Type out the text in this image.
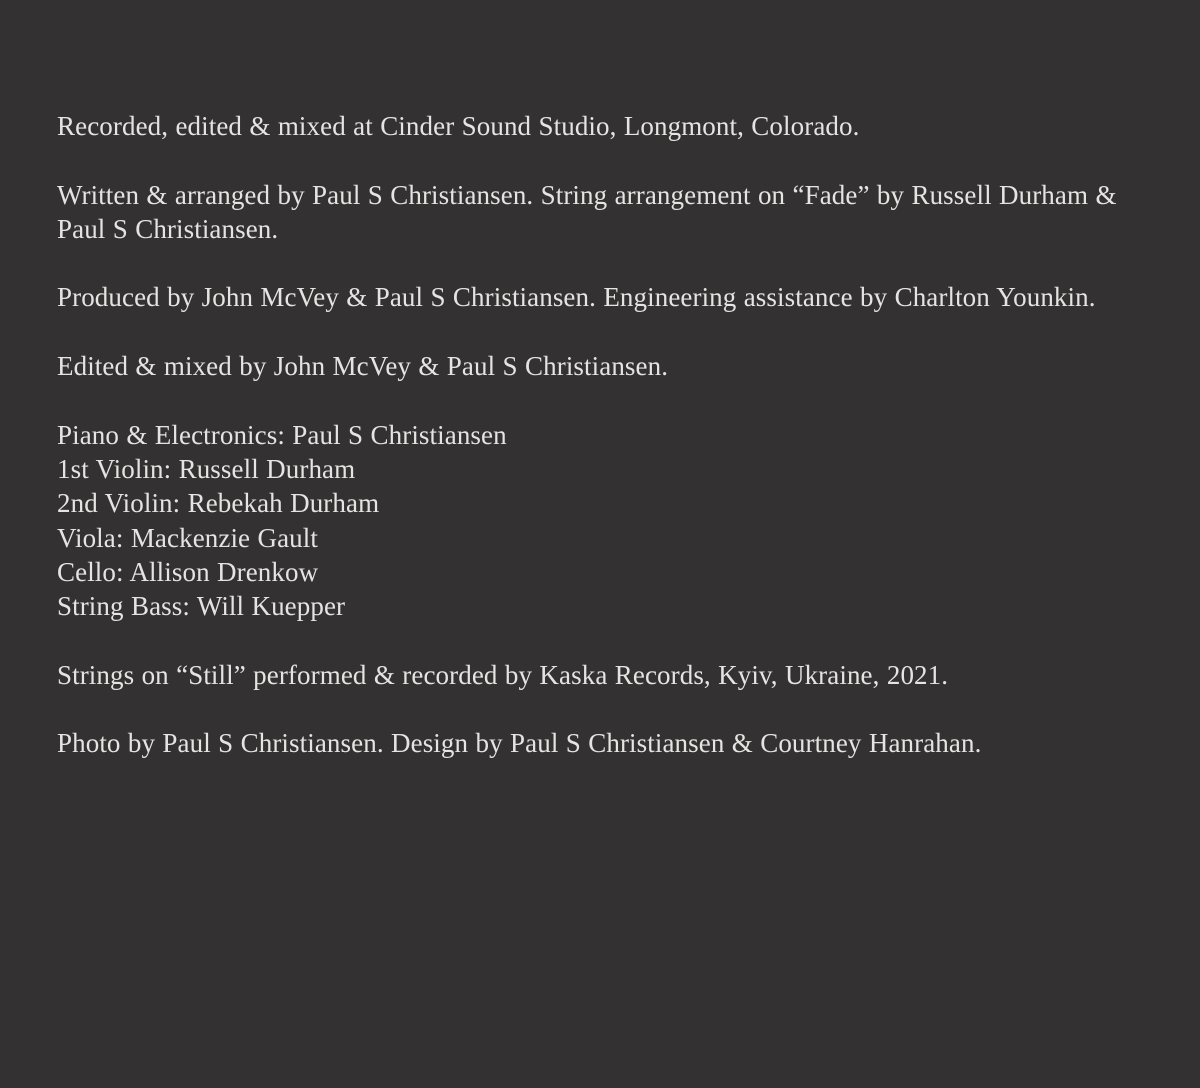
Recorded, edited & mixed at Cinder Sound Studio, Longmont, Colorado.

Written & arranged by Paul S Christiansen. String arrangement on “Fade” by Russell Durham & Paul S Christiansen.

Produced by John McVey & Paul S Christiansen. Engineering assistance by Charlton Younkin.

Edited & mixed by John McVey & Paul S Christiansen.

Piano & Electronics: Paul S Christiansen
1st Violin: Russell Durham
2nd Violin: Rebekah Durham
Viola: Mackenzie Gault
Cello: Allison Drenkow
String Bass: Will Kuepper

Strings on “Still” performed & recorded by Kaska Records, Kyiv, Ukraine, 2021.

Photo by Paul S Christiansen. Design by Paul S Christiansen & Courtney Hanrahan.
